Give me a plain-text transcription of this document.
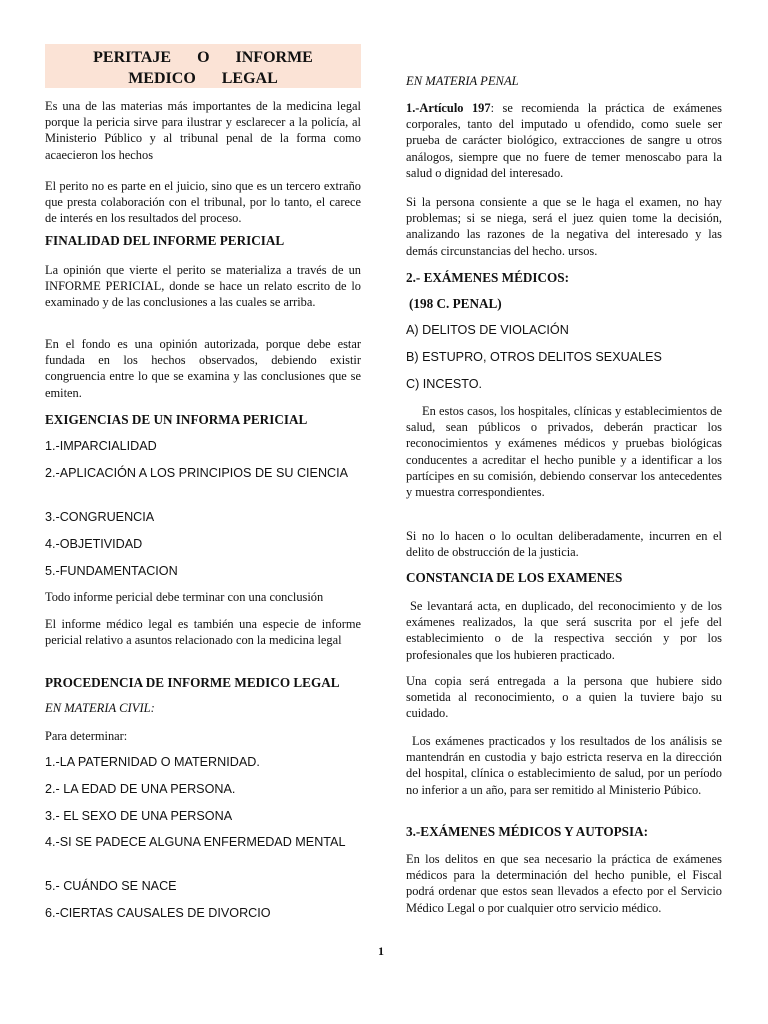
PERITAJE O INFORME
MEDICO LEGAL

Es una de las materias más importantes de la medicina legal porque la pericia sirve para ilustrar y esclarecer a la policía, al Ministerio Público y al tribunal penal de la forma como acaecieron los hechos

El perito no es parte en el juicio, sino que es un tercero extraño que presta colaboración con el tribunal, por lo tanto, el carece de interés en los resultados del proceso.

FINALIDAD DEL INFORME PERICIAL

La opinión que vierte el perito se materializa a través de un INFORME PERICIAL, donde se hace un relato escrito de lo examinado y de las conclusiones a las cuales se arriba.

En el fondo es una opinión autorizada, porque debe estar fundada en los hechos observados, debiendo existir congruencia entre lo que se examina y las conclusiones que se emiten.

EXIGENCIAS DE UN INFORMA PERICIAL

1.-IMPARCIALIDAD

2.-APLICACIÓN A LOS PRINCIPIOS DE SU CIENCIA

3.-CONGRUENCIA

4.-OBJETIVIDAD

5.-FUNDAMENTACION

Todo informe pericial debe terminar con una conclusión

El informe médico legal es también una especie de informe pericial relativo a asuntos relacionado con la medicina legal

PROCEDENCIA DE INFORME MEDICO LEGAL

EN MATERIA CIVIL:

Para determinar:

1.-LA PATERNIDAD O MATERNIDAD.

2.- LA EDAD DE UNA PERSONA.

3.- EL SEXO DE UNA PERSONA

4.-SI SE PADECE ALGUNA ENFERMEDAD MENTAL

5.- CUÁNDO SE NACE

6.-CIERTAS CAUSALES DE DIVORCIO

EN MATERIA PENAL

1.-Artículo 197: se recomienda la práctica de exámenes corporales, tanto del imputado u ofendido, como suele ser prueba de carácter biológico, extracciones de sangre u otros análogos, siempre que no fuere de temer menoscabo para la salud o dignidad del interesado.

Si la persona consiente a que se le haga el examen, no hay problemas; si se niega, será el juez quien tome la decisión, analizando las razones de la negativa del interesado y las demás circunstancias del hecho. ursos.

2.- EXÁMENES MÉDICOS:

(198 C. PENAL)

A) DELITOS DE VIOLACIÓN

B) ESTUPRO, OTROS DELITOS SEXUALES

C) INCESTO.

En estos casos, los hospitales, clínicas y establecimientos de salud, sean públicos o privados, deberán practicar los reconocimientos y exámenes médicos y pruebas biológicas conducentes a acreditar el hecho punible y a identificar a los partícipes en su comisión, debiendo conservar los antecedentes y muestra correspondientes.

Si no lo hacen o lo ocultan deliberadamente, incurren en el delito de obstrucción de la justicia.

CONSTANCIA DE LOS EXAMENES

Se levantará acta, en duplicado, del reconocimiento y de los exámenes realizados, la que será suscrita por el jefe del establecimiento o de la respectiva sección y por los profesionales que los hubieren practicado.

Una copia será entregada a la persona que hubiere sido sometida al reconocimiento, o a quien la tuviere bajo su cuidado.

Los exámenes practicados y los resultados de los análisis se mantendrán en custodia y bajo estricta reserva en la dirección del hospital, clínica o establecimiento de salud, por un período no inferior a un año, para ser remitido al Ministerio Púbico.

3.-EXÁMENES MÉDICOS Y AUTOPSIA:

En los delitos en que sea necesario la práctica de exámenes médicos para la determinación del hecho punible, el Fiscal podrá ordenar que estos sean llevados a efecto por el Servicio Médico Legal o por cualquier otro servicio médico.

1
